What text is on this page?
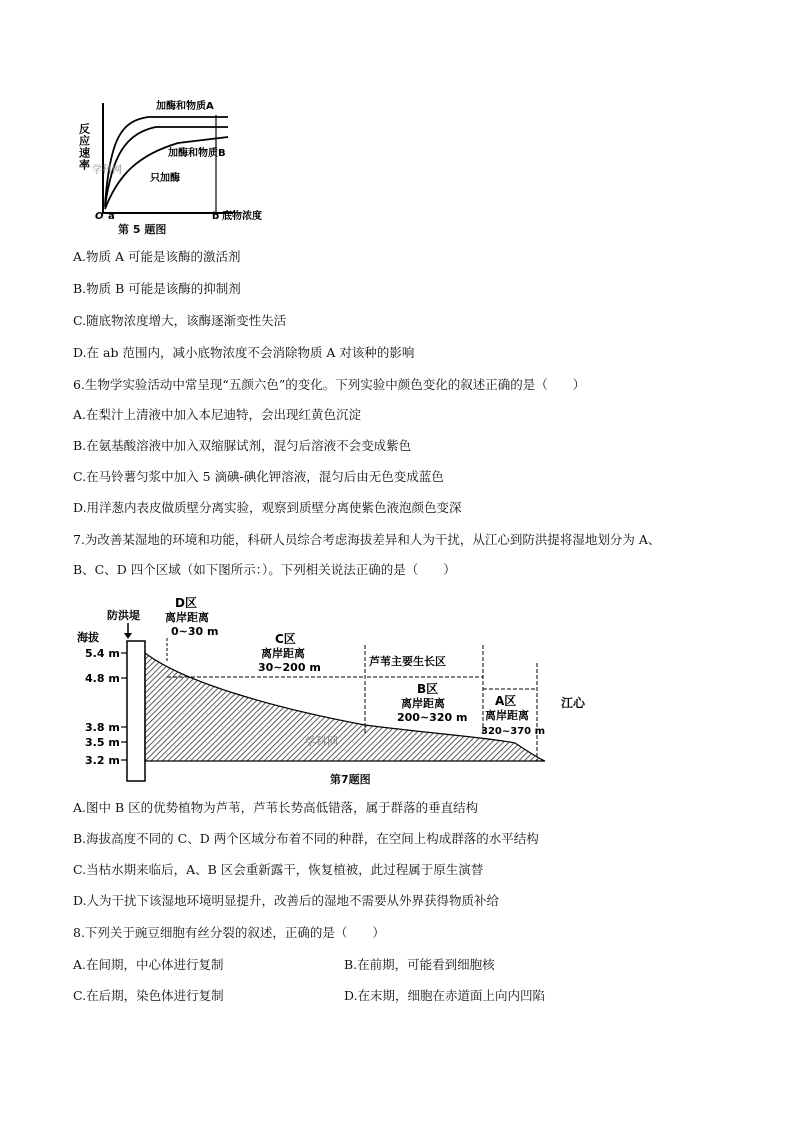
反应速率
加酶和物质A
加酶和物质B
只加酶
学科网
O a	b 底物浓度
第 5 题图
A.物质 A 可能是该酶的激活剂
B.物质 B 可能是该酶的抑制剂
C.随底物浓度增大，该酶逐渐变性失活
D.在 ab 范围内，减小底物浓度不会消除物质 A 对该种的影响
6.生物学实验活动中常呈现“五颜六色”的变化。下列实验中颜色变化的叙述正确的是（　　）
A.在梨汁上清液中加入本尼迪特，会出现红黄色沉淀
B.在氨基酸溶液中加入双缩脲试剂，混匀后溶液不会变成紫色
C.在马铃薯匀浆中加入 5 滴碘-碘化钾溶液，混匀后由无色变成蓝色
D.用洋葱内表皮做质壁分离实验，观察到质壁分离使紫色液泡颜色变深
7.为改善某湿地的环境和功能，科研人员综合考虑海拔差异和人为干扰，从江心到防洪提将湿地划分为 A、
B、C、D 四个区域（如下图所示：）。下列相关说法正确的是（　　）
防洪堤
海拔
5.4 m
4.8 m
3.8 m
3.5 m
3.2 m
学科网
D区
离岸距离
0~30 m
C区
离岸距离
30~200 m	芦苇主要生长区
B区
离岸距离
200~320 m
A区
离岸距离
320~370 m
江心
第7题图
A.图中 B 区的优势植物为芦苇，芦苇长势高低错落，属于群落的垂直结构
B.海拔高度不同的 C、D 两个区域分布着不同的种群，在空间上构成群落的水平结构
C.当枯水期来临后，A、B 区会重新露干，恢复植被，此过程属于原生演替
D.人为干扰下该湿地环境明显提升，改善后的湿地不需要从外界获得物质补给
8.下列关于豌豆细胞有丝分裂的叙述，正确的是（　　）
A.在间期，中心体进行复制	B.在前期，可能看到细胞核
C.在后期，染色体进行复制	D.在末期，细胞在赤道面上向内凹陷
